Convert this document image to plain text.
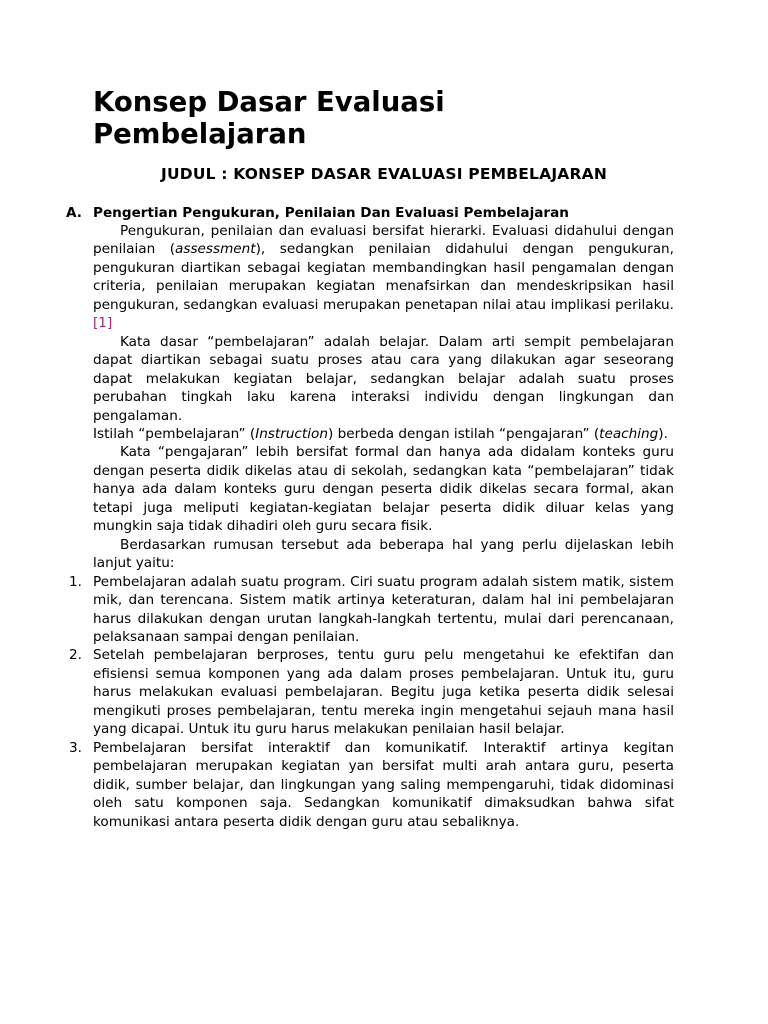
Konsep Dasar Evaluasi Pembelajaran
JUDUL : KONSEP DASAR EVALUASI PEMBELAJARAN
A. Pengertian Pengukuran, Penilaian Dan Evaluasi Pembelajaran

Pengukuran, penilaian dan evaluasi bersifat hierarki. Evaluasi didahului dengan penilaian (assessment), sedangkan penilaian didahului dengan pengukuran, pengukuran diartikan sebagai kegiatan membandingkan hasil pengamalan dengan criteria, penilaian merupakan kegiatan menafsirkan dan mendeskripsikan hasil pengukuran, sedangkan evaluasi merupakan penetapan nilai atau implikasi perilaku.[1]

Kata dasar “pembelajaran” adalah belajar. Dalam arti sempit pembelajaran dapat diartikan sebagai suatu proses atau cara yang dilakukan agar seseorang dapat melakukan kegiatan belajar, sedangkan belajar adalah suatu proses perubahan tingkah laku karena interaksi individu dengan lingkungan dan pengalaman.

Istilah “pembelajaran” (Instruction) berbeda dengan istilah “pengajaran” (teaching).

Kata “pengajaran” lebih bersifat formal dan hanya ada didalam konteks guru dengan peserta didik dikelas atau di sekolah, sedangkan kata “pembelajaran” tidak hanya ada dalam konteks guru dengan peserta didik dikelas secara formal, akan tetapi juga meliputi kegiatan-kegiatan belajar peserta didik diluar kelas yang mungkin saja tidak dihadiri oleh guru secara fisik.

Berdasarkan rumusan tersebut ada beberapa hal yang perlu dijelaskan lebih lanjut yaitu:

1. Pembelajaran adalah suatu program. Ciri suatu program adalah sistem matik, sistem mik, dan terencana. Sistem matik artinya keteraturan, dalam hal ini pembelajaran harus dilakukan dengan urutan langkah-langkah tertentu, mulai dari perencanaan, pelaksanaan sampai dengan penilaian.
2. Setelah pembelajaran berproses, tentu guru pelu mengetahui ke efektifan dan efisiensi semua komponen yang ada dalam proses pembelajaran. Untuk itu, guru harus melakukan evaluasi pembelajaran. Begitu juga ketika peserta didik selesai mengikuti proses pembelajaran, tentu mereka ingin mengetahui sejauh mana hasil yang dicapai. Untuk itu guru harus melakukan penilaian hasil belajar.
3. Pembelajaran bersifat interaktif dan komunikatif. Interaktif artinya kegitan pembelajaran merupakan kegiatan yan bersifat multi arah antara guru, peserta didik, sumber belajar, dan lingkungan yang saling mempengaruhi, tidak didominasi oleh satu komponen saja. Sedangkan komunikatif dimaksudkan bahwa sifat komunikasi antara peserta didik dengan guru atau sebaliknya.
